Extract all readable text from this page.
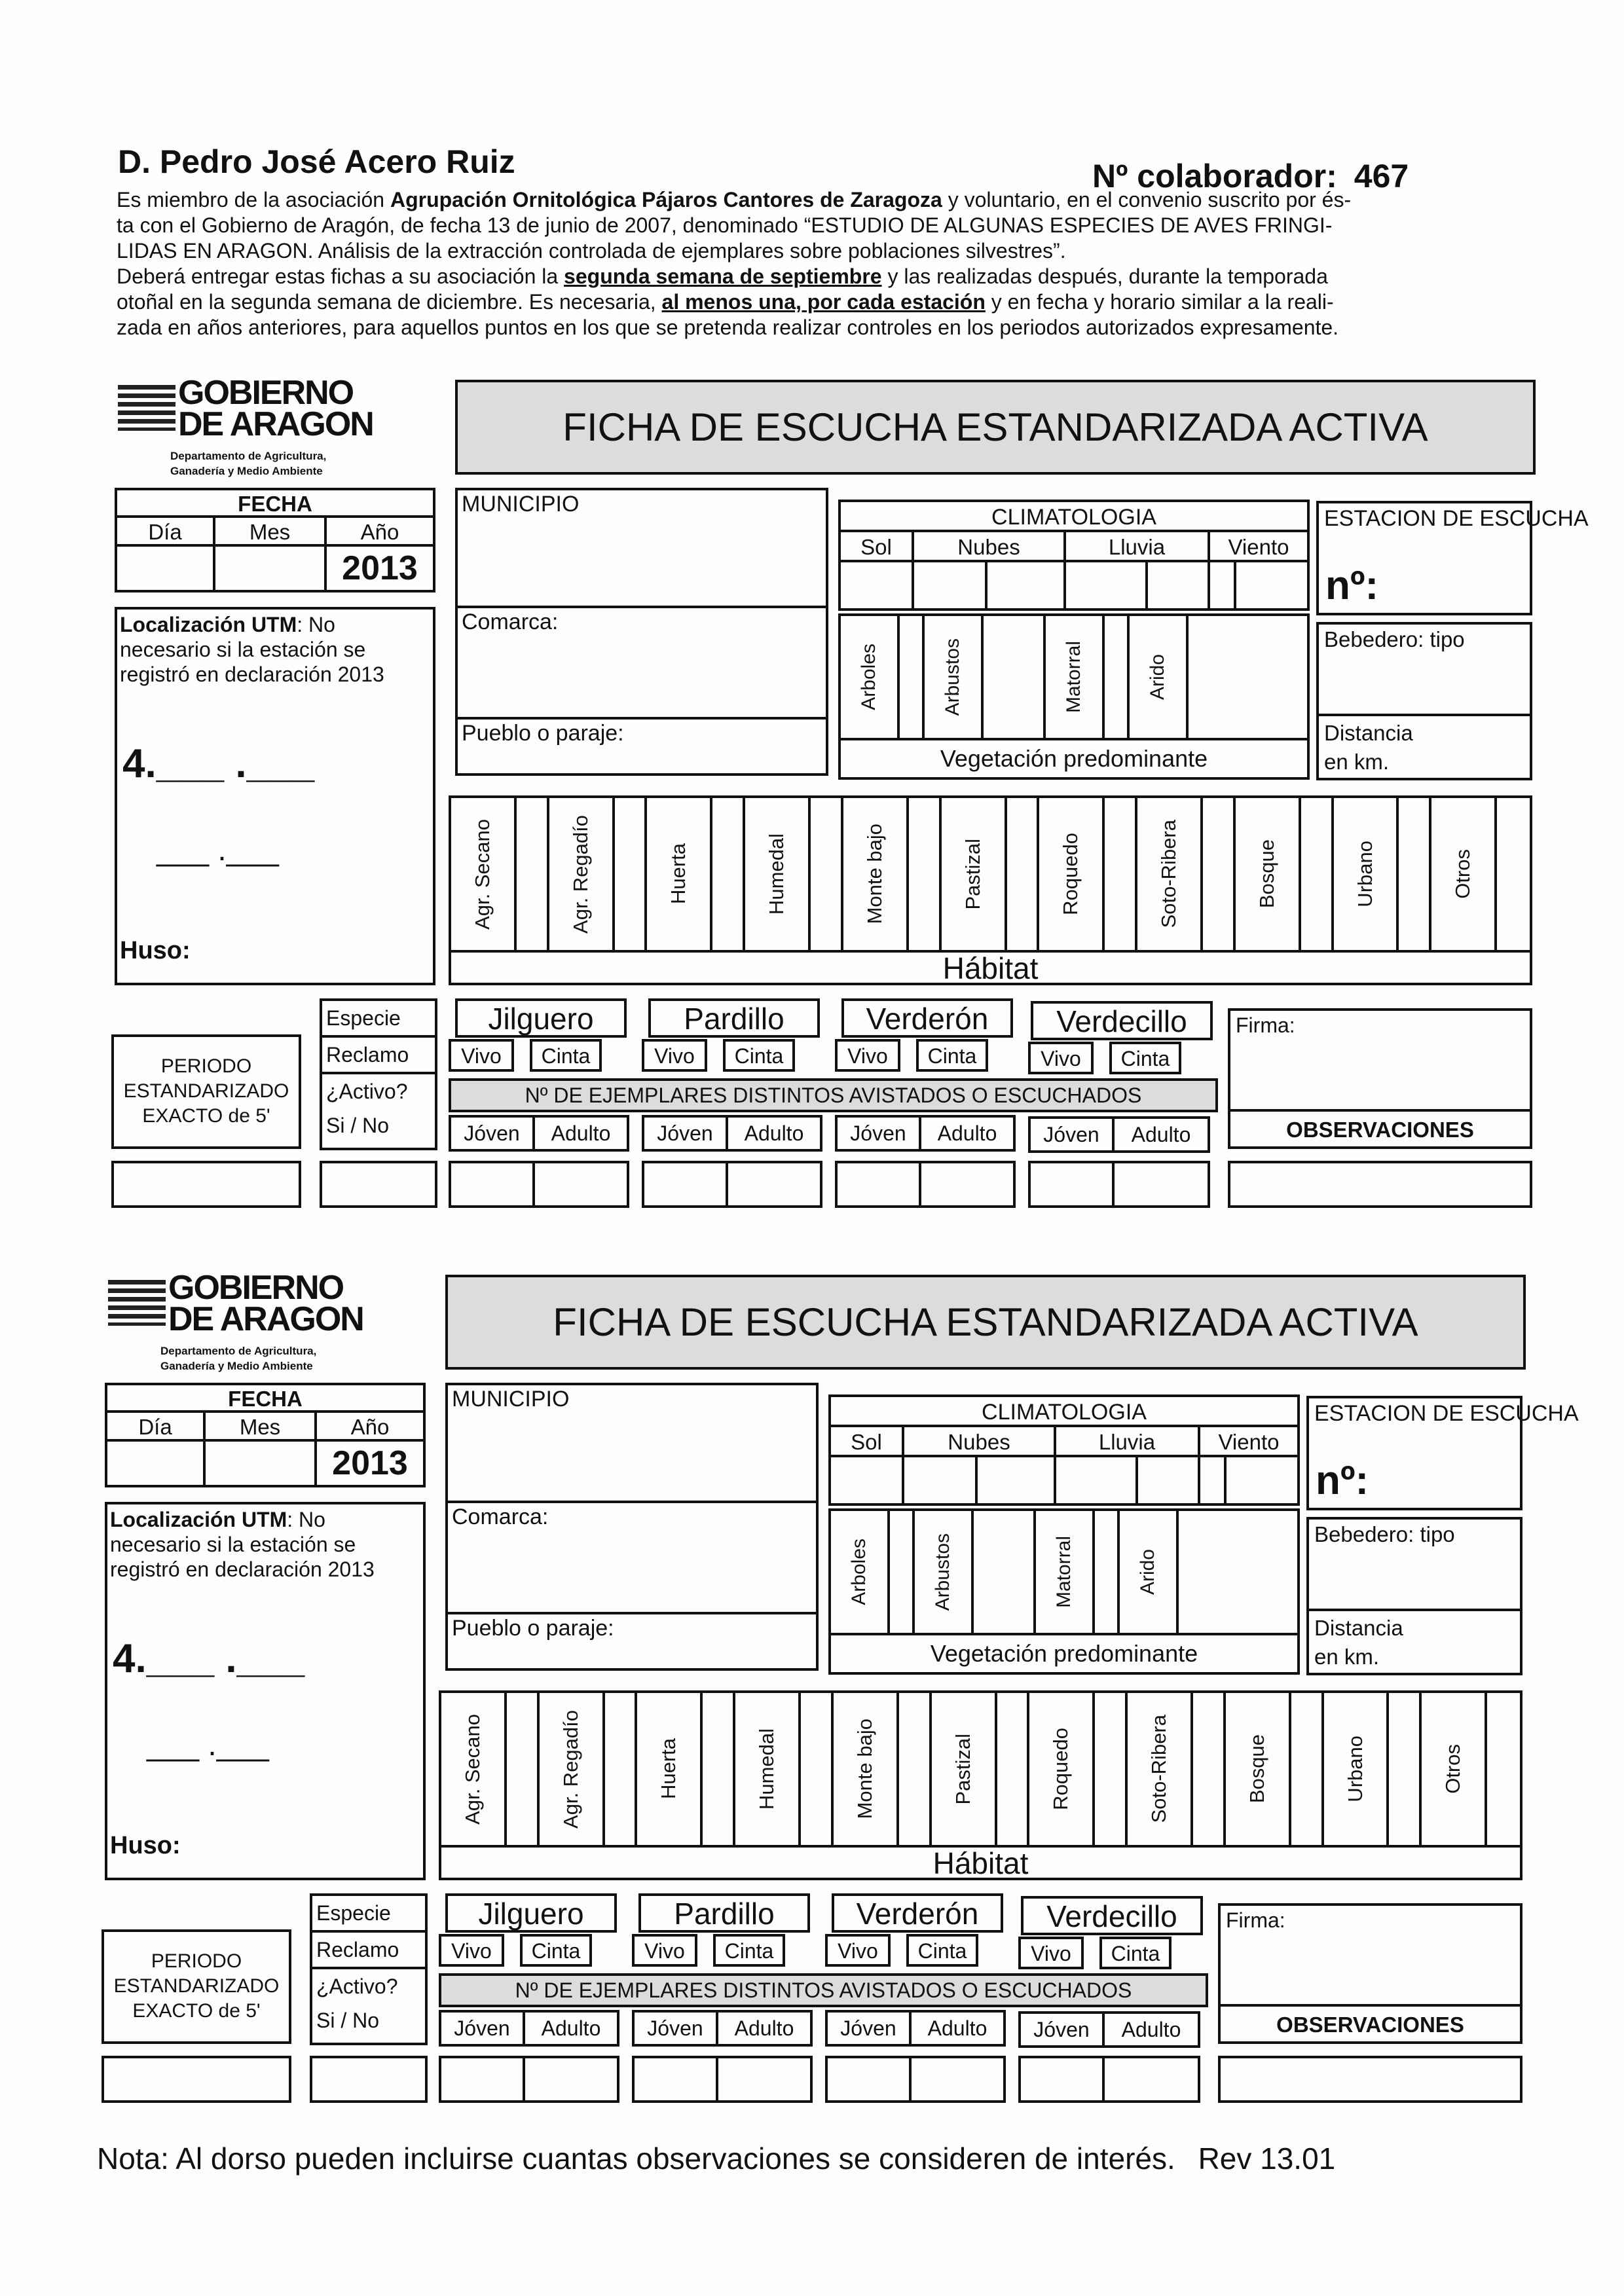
D. Pedro José Acero Ruiz	Nº colaborador: 467
Es miembro de la asociación Agrupación Ornitológica Pájaros Cantores de Zaragoza y voluntario, en el convenio suscrito por és-
ta con el Gobierno de Aragón, de fecha 13 de junio de 2007, denominado “ESTUDIO DE ALGUNAS ESPECIES DE AVES FRINGI-
LIDAS EN ARAGON. Análisis de la extracción controlada de ejemplares sobre poblaciones silvestres”.
Deberá entregar estas fichas a su asociación la segunda semana de septiembre y las realizadas después, durante la temporada
otoñal en la segunda semana de diciembre. Es necesaria, al menos una, por cada estación y en fecha y horario similar a la reali-
zada en años anteriores, para aquellos puntos en los que se pretenda realizar controles en los periodos autorizados expresamente.
GOBIERNO
DE ARAGON
Departamento de Agricultura,
Ganadería y Medio Ambiente
FICHA DE ESCUCHA ESTANDARIZADA ACTIVA
FECHA
Día	Mes	Año
2013
Localización UTM: No
necesario si la estación se
registró en declaración 2013
4.___ .___
___ .___
Huso:
MUNICIPIO
Comarca:
Pueblo o paraje:
CLIMATOLOGIA
Sol	Nubes	Lluvia	Viento
Arboles	Arbustos	Matorral	Arido
Vegetación predominante
ESTACION DE ESCUCHA
nº:
Bebedero: tipo
Distancia
en km.
Agr. Secano	Agr. Regadío	Huerta	Humedal	Monte bajo	Pastizal	Roquedo	Soto-Ribera	Bosque	Urbano	Otros
Hábitat
PERIODO
ESTANDARIZADO
EXACTO de 5'
Especie
Reclamo
¿Activo?
Si / No
Jilguero
Vivo	Cinta
Jóven	Adulto
Pardillo
Vivo	Cinta
Jóven	Adulto
Verderón
Vivo	Cinta
Jóven	Adulto
Verdecillo
Vivo	Cinta
Jóven	Adulto
Nº DE EJEMPLARES DISTINTOS AVISTADOS O ESCUCHADOS
Firma:
OBSERVACIONES
GOBIERNO
DE ARAGON
Departamento de Agricultura,
Ganadería y Medio Ambiente
FICHA DE ESCUCHA ESTANDARIZADA ACTIVA
FECHA
Día	Mes	Año
2013
Localización UTM: No
necesario si la estación se
registró en declaración 2013
4.___ .___
___ .___
Huso:
MUNICIPIO
Comarca:
Pueblo o paraje:
CLIMATOLOGIA
Sol	Nubes	Lluvia	Viento
Arboles	Arbustos	Matorral	Arido
Vegetación predominante
ESTACION DE ESCUCHA
nº:
Bebedero: tipo
Distancia
en km.
Agr. Secano	Agr. Regadío	Huerta	Humedal	Monte bajo	Pastizal	Roquedo	Soto-Ribera	Bosque	Urbano	Otros
Hábitat
PERIODO
ESTANDARIZADO
EXACTO de 5'
Especie
Reclamo
¿Activo?
Si / No
Jilguero
Vivo	Cinta
Jóven	Adulto
Pardillo
Vivo	Cinta
Jóven	Adulto
Verderón
Vivo	Cinta
Jóven	Adulto
Verdecillo
Vivo	Cinta
Jóven	Adulto
Nº DE EJEMPLARES DISTINTOS AVISTADOS O ESCUCHADOS
Firma:
OBSERVACIONES
Nota: Al dorso pueden incluirse cuantas observaciones se consideren de interés. Rev 13.01
